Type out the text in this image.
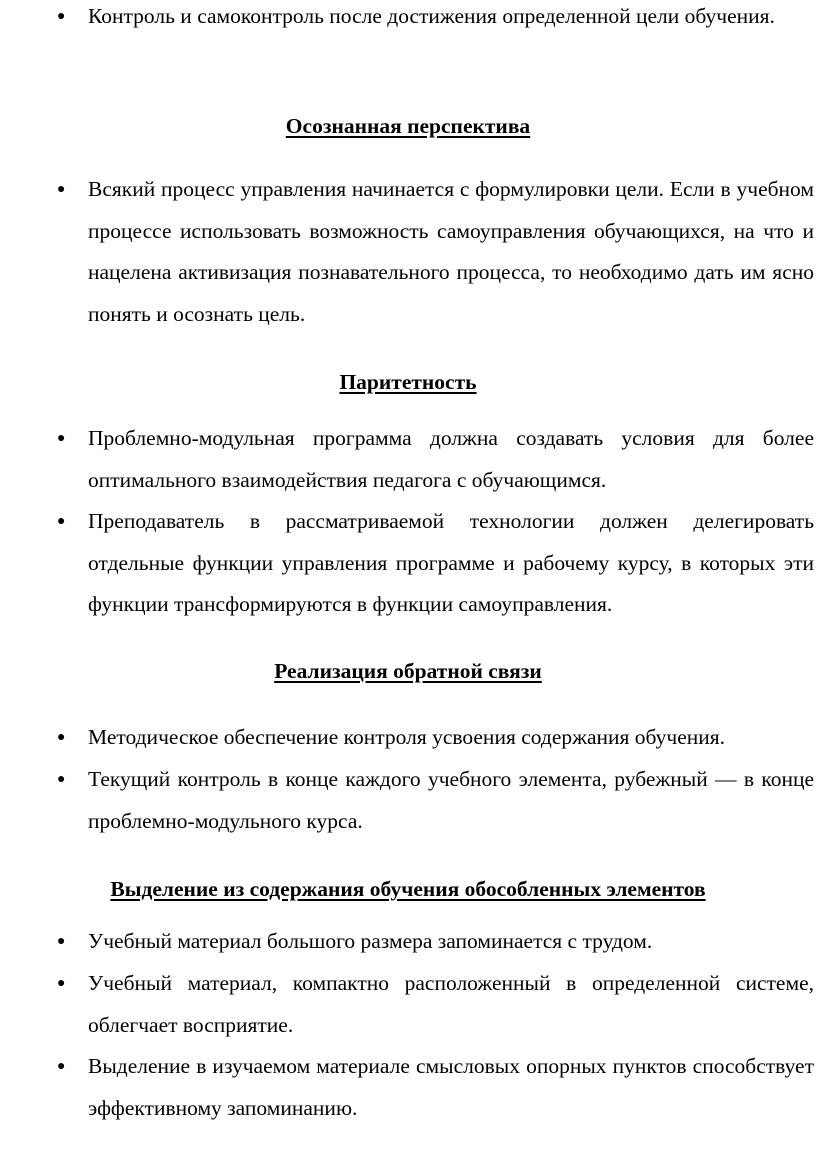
● Контроль и самоконтроль после достижения определенной цели обучения.

Осознанная перспектива
● Всякий процесс управления начинается с формулировки цели. Если в учебном процессе использовать возможность самоуправления обучающихся, на что и нацелена активизация познавательного процесса, то необходимо дать им ясно понять и осознать цель.

Паритетность
● Проблемно-модульная программа должна создавать условия для более оптимального взаимодействия педагога с обучающимся.

● Преподаватель в рассматриваемой технологии должен делегировать отдельные функции управления программе и рабочему курсу, в которых эти функции трансформируются в функции самоуправления.

Реализация обратной связи
● Методическое обеспечение контроля усвоения содержания обучения.

● Текущий контроль в конце каждого учебного элемента, рубежный — в конце проблемно-модульного курса.

Выделение из содержания обучения обособленных элементов
● Учебный материал большого размера запоминается с трудом.

● Учебный материал, компактно расположенный в определенной системе, облегчает восприятие.

● Выделение в изучаемом материале смысловых опорных пунктов способствует эффективному запоминанию.
